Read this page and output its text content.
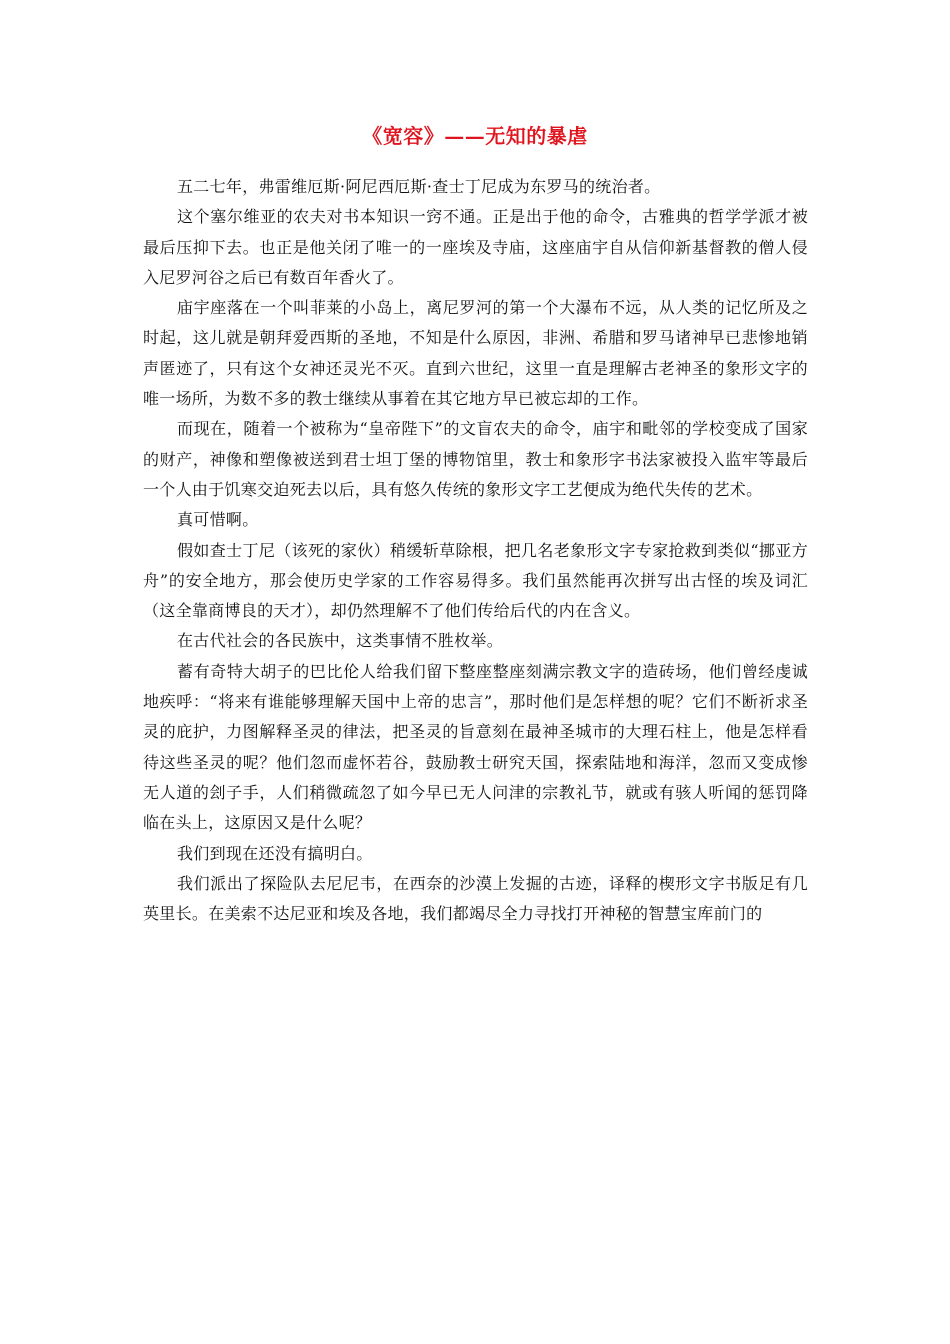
《宽容》——无知的暴虐

五二七年，弗雷维厄斯·阿尼西厄斯·查士丁尼成为东罗马的统治者。

这个塞尔维亚的农夫对书本知识一窍不通。正是出于他的命令，古雅典的哲学学派才被最后压抑下去。也正是他关闭了唯一的一座埃及寺庙，这座庙宇自从信仰新基督教的僧人侵入尼罗河谷之后已有数百年香火了。

庙宇座落在一个叫菲莱的小岛上，离尼罗河的第一个大瀑布不远，从人类的记忆所及之时起，这儿就是朝拜爱西斯的圣地，不知是什么原因，非洲、希腊和罗马诸神早已悲惨地销声匿迹了，只有这个女神还灵光不灭。直到六世纪，这里一直是理解古老神圣的象形文字的唯一场所，为数不多的教士继续从事着在其它地方早已被忘却的工作。

而现在，随着一个被称为“皇帝陛下”的文盲农夫的命令，庙宇和毗邻的学校变成了国家的财产，神像和塑像被送到君士坦丁堡的博物馆里，教士和象形字书法家被投入监牢等最后一个人由于饥寒交迫死去以后，具有悠久传统的象形文字工艺便成为绝代失传的艺术。

真可惜啊。

假如查士丁尼（该死的家伙）稍缓斩草除根，把几名老象形文字专家抢救到类似“挪亚方舟”的安全地方，那会使历史学家的工作容易得多。我们虽然能再次拼写出古怪的埃及词汇（这全靠商博良的天才），却仍然理解不了他们传给后代的内在含义。

在古代社会的各民族中，这类事情不胜枚举。

蓄有奇特大胡子的巴比伦人给我们留下整座整座刻满宗教文字的造砖场，他们曾经虔诚地疾呼：“将来有谁能够理解天国中上帝的忠言”，那时他们是怎样想的呢？它们不断祈求圣灵的庇护，力图解释圣灵的律法，把圣灵的旨意刻在最神圣城市的大理石柱上，他是怎样看待这些圣灵的呢？他们忽而虚怀若谷，鼓励教士研究天国，探索陆地和海洋，忽而又变成惨无人道的刽子手，人们稍微疏忽了如今早已无人问津的宗教礼节，就或有骇人听闻的惩罚降临在头上，这原因又是什么呢？

我们到现在还没有搞明白。

我们派出了探险队去尼尼韦，在西奈的沙漠上发掘的古迹，译释的楔形文字书版足有几英里长。在美索不达尼亚和埃及各地，我们都竭尽全力寻找打开神秘的智慧宝库前门的
